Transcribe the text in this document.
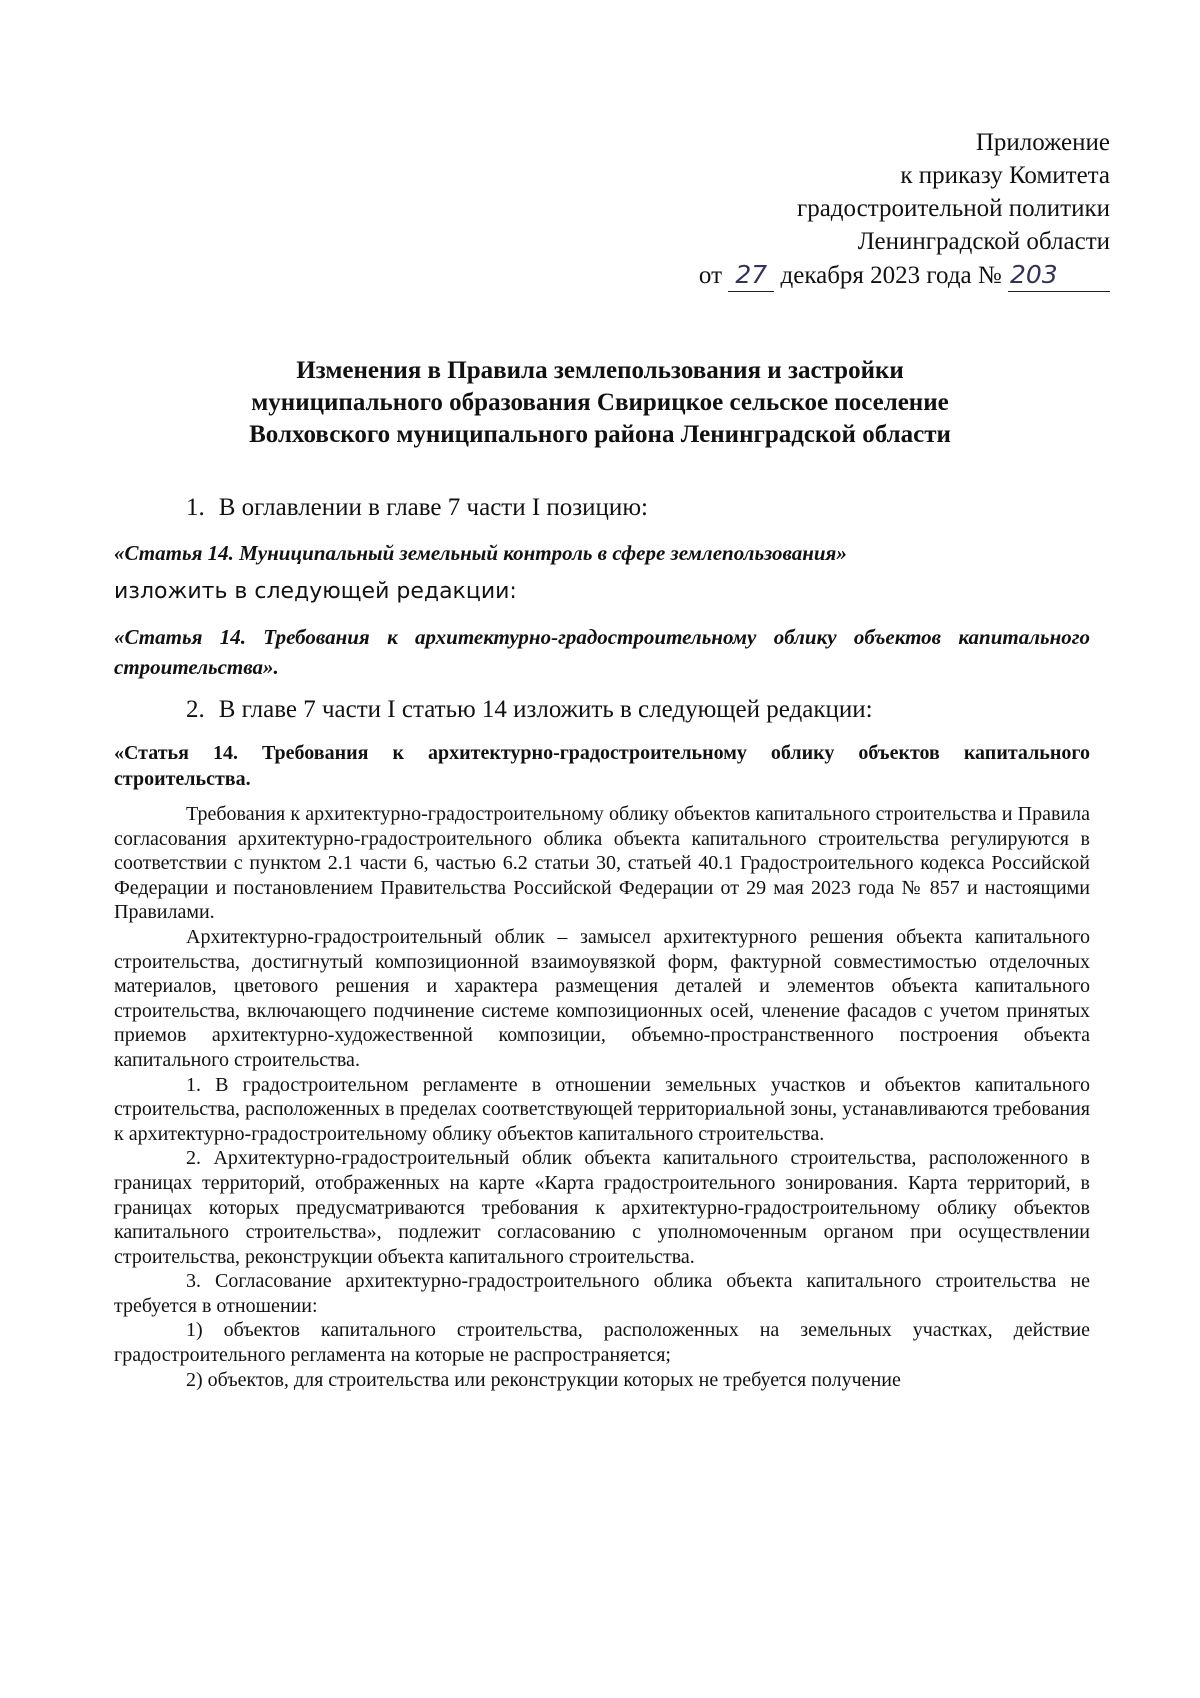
Приложение
к приказу Комитета
градостроительной политики
Ленинградской области
от 27 декабря 2023 года № 203
Изменения в Правила землепользования и застройки
муниципального образования Свирицкое сельское поселение
Волховского муниципального района Ленинградской области

1. В оглавлении в главе 7 части I позицию:

«Статья 14. Муниципальный земельный контроль в сфере землепользования»

изложить в следующей редакции:

«Статья 14. Требования к архитектурно-градостроительному облику объектов капитального строительства».

2. В главе 7 части I статью 14 изложить в следующей редакции:

«Статья 14. Требования к архитектурно-градостроительному облику объектов капитального строительства.

Требования к архитектурно-градостроительному облику объектов капитального строительства и Правила согласования архитектурно-градостроительного облика объекта капитального строительства регулируются в соответствии с пунктом 2.1 части 6, частью 6.2 статьи 30, статьей 40.1 Градостроительного кодекса Российской Федерации и постановлением Правительства Российской Федерации от 29 мая 2023 года № 857 и настоящими Правилами.

Архитектурно-градостроительный облик – замысел архитектурного решения объекта капитального строительства, достигнутый композиционной взаимоувязкой форм, фактурной совместимостью отделочных материалов, цветового решения и характера размещения деталей и элементов объекта капитального строительства, включающего подчинение системе композиционных осей, членение фасадов с учетом принятых приемов архитектурно-художественной композиции, объемно-пространственного построения объекта капитального строительства.

1. В градостроительном регламенте в отношении земельных участков и объектов капитального строительства, расположенных в пределах соответствующей территориальной зоны, устанавливаются требования к архитектурно-градостроительному облику объектов капитального строительства.

2. Архитектурно-градостроительный облик объекта капитального строительства, расположенного в границах территорий, отображенных на карте «Карта градостроительного зонирования. Карта территорий, в границах которых предусматриваются требования к архитектурно-градостроительному облику объектов капитального строительства», подлежит согласованию с уполномоченным органом при осуществлении строительства, реконструкции объекта капитального строительства.

3. Согласование архитектурно-градостроительного облика объекта капитального строительства не требуется в отношении:

1) объектов капитального строительства, расположенных на земельных участках, действие градостроительного регламента на которые не распространяется;

2) объектов, для строительства или реконструкции которых не требуется получение
